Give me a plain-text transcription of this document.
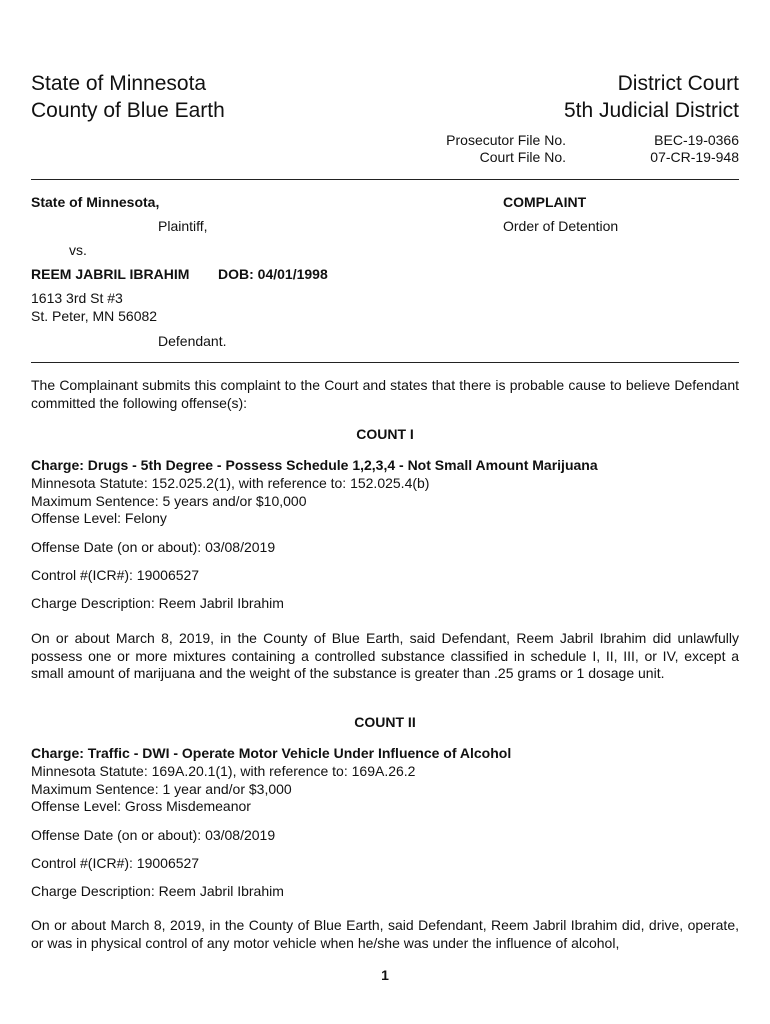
State of Minnesota
County of Blue Earth
District Court
5th Judicial District
Prosecutor File No.	BEC-19-0366
Court File No.	07-CR-19-948
State of Minnesota,
Plaintiff,
vs.
REEM JABRIL IBRAHIM DOB: 04/01/1998
1613 3rd St #3
St. Peter, MN 56082
Defendant.
COMPLAINT
Order of Detention
The Complainant submits this complaint to the Court and states that there is probable cause to believe Defendant committed the following offense(s):
COUNT I
Charge: Drugs - 5th Degree - Possess Schedule 1,2,3,4 - Not Small Amount Marijuana
Minnesota Statute: 152.025.2(1), with reference to: 152.025.4(b)
Maximum Sentence: 5 years and/or $10,000
Offense Level: Felony
Offense Date (on or about): 03/08/2019
Control #(ICR#): 19006527
Charge Description: Reem Jabril Ibrahim
On or about March 8, 2019, in the County of Blue Earth, said Defendant, Reem Jabril Ibrahim did unlawfully possess one or more mixtures containing a controlled substance classified in schedule I, II, III, or IV, except a small amount of marijuana and the weight of the substance is greater than .25 grams or 1 dosage unit.
COUNT II
Charge: Traffic - DWI - Operate Motor Vehicle Under Influence of Alcohol
Minnesota Statute: 169A.20.1(1), with reference to: 169A.26.2
Maximum Sentence: 1 year and/or $3,000
Offense Level: Gross Misdemeanor
Offense Date (on or about): 03/08/2019
Control #(ICR#): 19006527
Charge Description: Reem Jabril Ibrahim
On or about March 8, 2019, in the County of Blue Earth, said Defendant, Reem Jabril Ibrahim did, drive, operate, or was in physical control of any motor vehicle when he/she was under the influence of alcohol,
1
